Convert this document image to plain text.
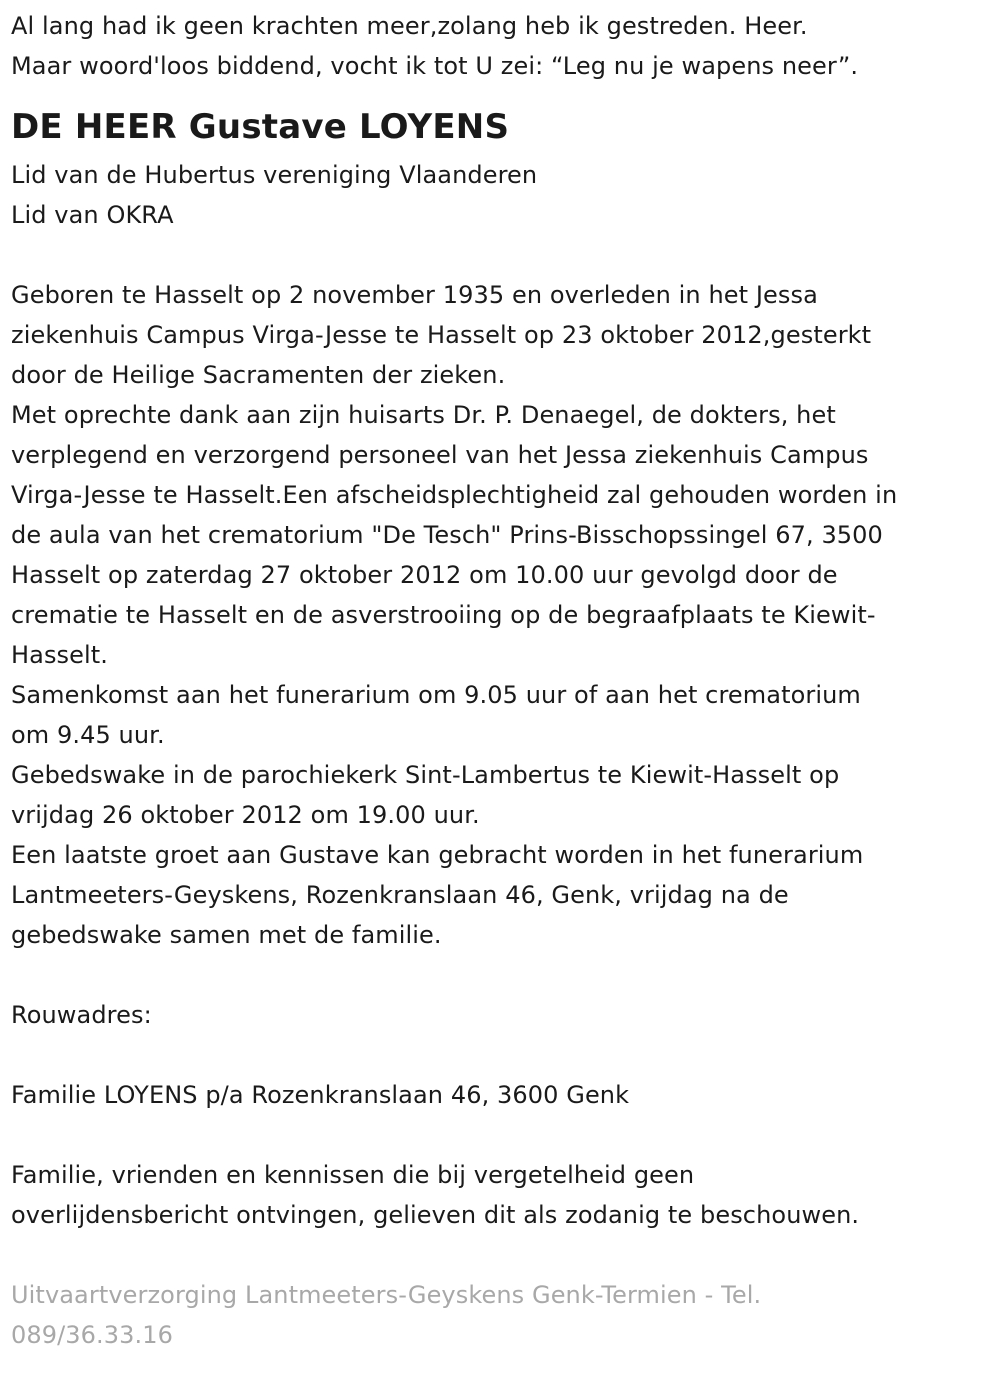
Al lang had ik geen krachten meer,zolang heb ik gestreden. Heer.
Maar woord'loos biddend, vocht ik tot U zei: “Leg nu je wapens neer”.
DE HEER Gustave LOYENS
Lid van de Hubertus vereniging Vlaanderen
Lid van OKRA
Geboren te Hasselt op 2 november 1935 en overleden in het Jessa
ziekenhuis Campus Virga-Jesse te Hasselt op 23 oktober 2012,gesterkt
door de Heilige Sacramenten der zieken.
Met oprechte dank aan zijn huisarts Dr. P. Denaegel, de dokters, het
verplegend en verzorgend personeel van het Jessa ziekenhuis Campus
Virga-Jesse te Hasselt.Een afscheidsplechtigheid zal gehouden worden in
de aula van het crematorium "De Tesch" Prins-Bisschopssingel 67, 3500
Hasselt op zaterdag 27 oktober 2012 om 10.00 uur gevolgd door de
crematie te Hasselt en de asverstrooiing op de begraafplaats te Kiewit-
Hasselt.
Samenkomst aan het funerarium om 9.05 uur of aan het crematorium
om 9.45 uur.
Gebedswake in de parochiekerk Sint-Lambertus te Kiewit-Hasselt op
vrijdag 26 oktober 2012 om 19.00 uur.
Een laatste groet aan Gustave kan gebracht worden in het funerarium
Lantmeeters-Geyskens, Rozenkranslaan 46, Genk, vrijdag na de
gebedswake samen met de familie.
Rouwadres:
Familie LOYENS p/a Rozenkranslaan 46, 3600 Genk
Familie, vrienden en kennissen die bij vergetelheid geen
overlijdensbericht ontvingen, gelieven dit als zodanig te beschouwen.
Uitvaartverzorging Lantmeeters-Geyskens Genk-Termien - Tel.
089/36.33.16
